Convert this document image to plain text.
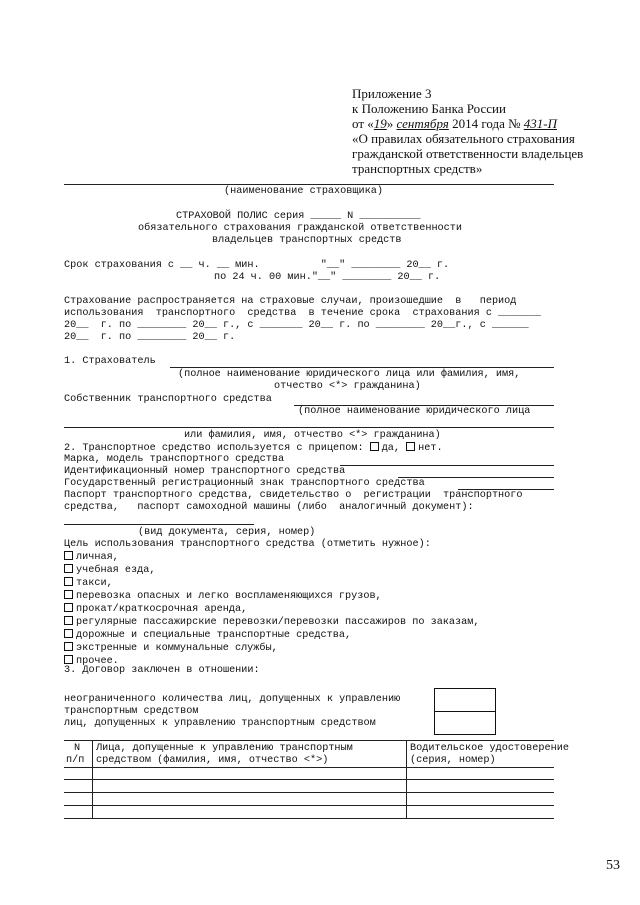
Приложение 3
к Положению Банка России
от «19» сентября 2014 года № 431-П
«О правилах обязательного страхования
гражданской ответственности владельцев
транспортных средств»
(наименование страховщика)
СТРАХОВОЙ ПОЛИС серия _____ N __________
обязательного страхования гражданской ответственности
владельцев транспортных средств
Срок страхования с __ ч. __ мин.          "__" ________ 20__ г.
по 24 ч. 00 мин."__" ________ 20__ г.
Страхование распространяется на страховые случаи, произошедшие  в   период
использования  транспортного  средства  в течение срока  страхования с _______
20__  г. по ________ 20__ г., с _______ 20__ г. по ________ 20__г., с ______
20__  г. по ________ 20__ г.
1. Страхователь
(полное наименование юридического лица или фамилия, имя,
отчество <*> гражданина)
Собственник транспортного средства
(полное наименование юридического лица
или фамилия, имя, отчество <*> гражданина)
2. Транспортное средство используется с прицепом: да, нет.
Марка, модель транспортного средства
Идентификационный номер транспортного средства
Государственный регистрационный знак транспортного средства
Паспорт транспортного средства, свидетельство о  регистрации  транспортного
средства,   паспорт самоходной машины (либо  аналогичный документ):
(вид документа, серия, номер)
Цель использования транспортного средства (отметить нужное):
личная,
учебная езда,
такси,
перевозка опасных и легко воспламеняющихся грузов,
прокат/краткосрочная аренда,
регулярные пассажирские перевозки/перевозки пассажиров по заказам,
дорожные и специальные транспортные средства,
экстренные и коммунальные службы,
прочее.
3. Договор заключен в отношении:
неограниченного количества лиц, допущенных к управлению
транспортным средством
лиц, допущенных к управлению транспортным средством
N
п/п
Лица, допущенные к управлению транспортным
средством (фамилия, имя, отчество <*>)
Водительское удостоверение
(серия, номер)
53
